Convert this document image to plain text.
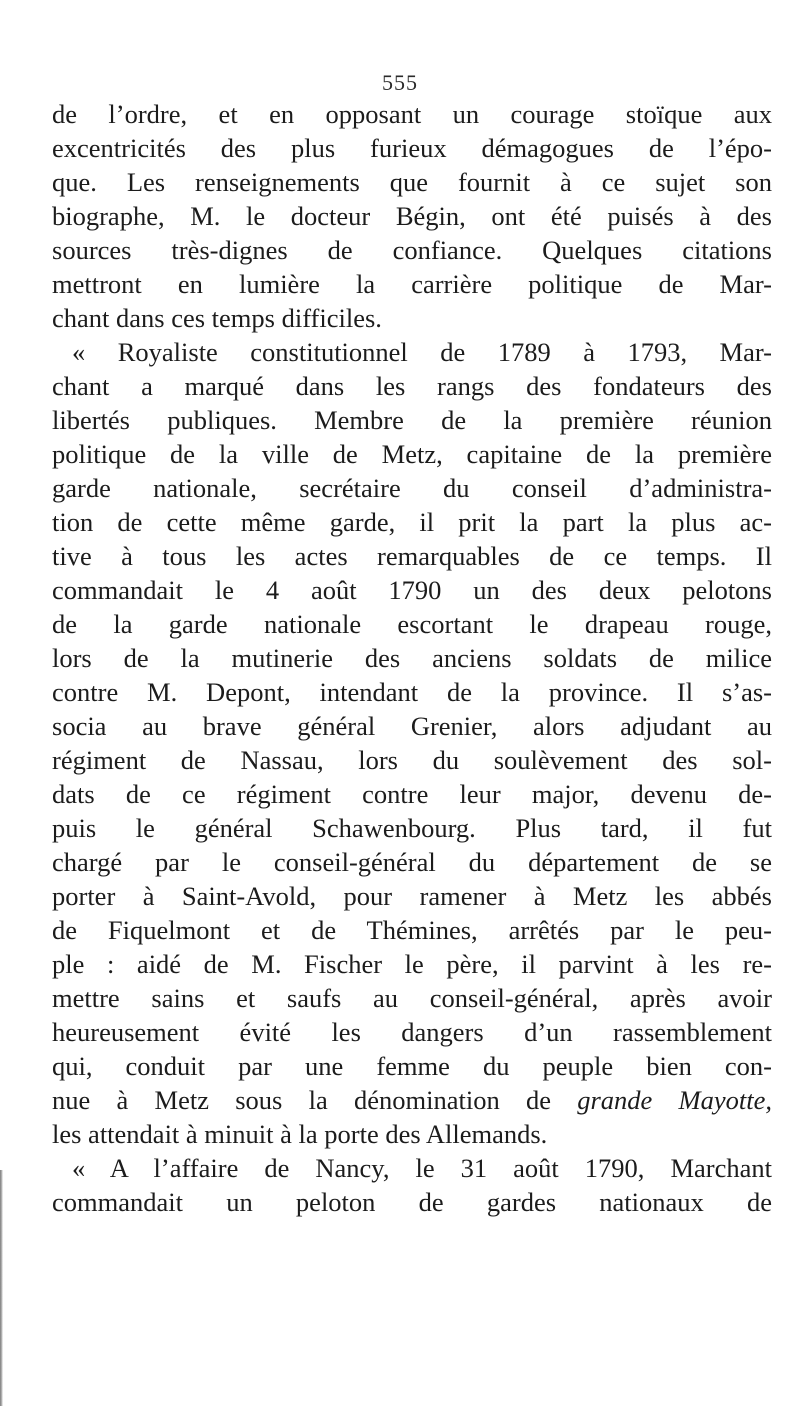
555
de l’ordre, et en opposant un courage stoïque aux
excentricités des plus furieux démagogues de l’épo-
que. Les renseignements que fournit à ce sujet son
biographe, M. le docteur Bégin, ont été puisés à des
sources très-dignes de confiance. Quelques citations
mettront en lumière la carrière politique de Mar-
chant dans ces temps difficiles.
« Royaliste constitutionnel de 1789 à 1793, Mar-
chant a marqué dans les rangs des fondateurs des
libertés publiques. Membre de la première réunion
politique de la ville de Metz, capitaine de la première
garde nationale, secrétaire du conseil d’administra-
tion de cette même garde, il prit la part la plus ac-
tive à tous les actes remarquables de ce temps. Il
commandait le 4 août 1790 un des deux pelotons
de la garde nationale escortant le drapeau rouge,
lors de la mutinerie des anciens soldats de milice
contre M. Depont, intendant de la province. Il s’as-
socia au brave général Grenier, alors adjudant au
régiment de Nassau, lors du soulèvement des sol-
dats de ce régiment contre leur major, devenu de-
puis le général Schawenbourg. Plus tard, il fut
chargé par le conseil-général du département de se
porter à Saint-Avold, pour ramener à Metz les abbés
de Fiquelmont et de Thémines, arrêtés par le peu-
ple : aidé de M. Fischer le père, il parvint à les re-
mettre sains et saufs au conseil-général, après avoir
heureusement évité les dangers d’un rassemblement
qui, conduit par une femme du peuple bien con-
nue à Metz sous la dénomination de grande Mayotte,
les attendait à minuit à la porte des Allemands.
« A l’affaire de Nancy, le 31 août 1790, Marchant
commandait un peloton de gardes nationaux de
